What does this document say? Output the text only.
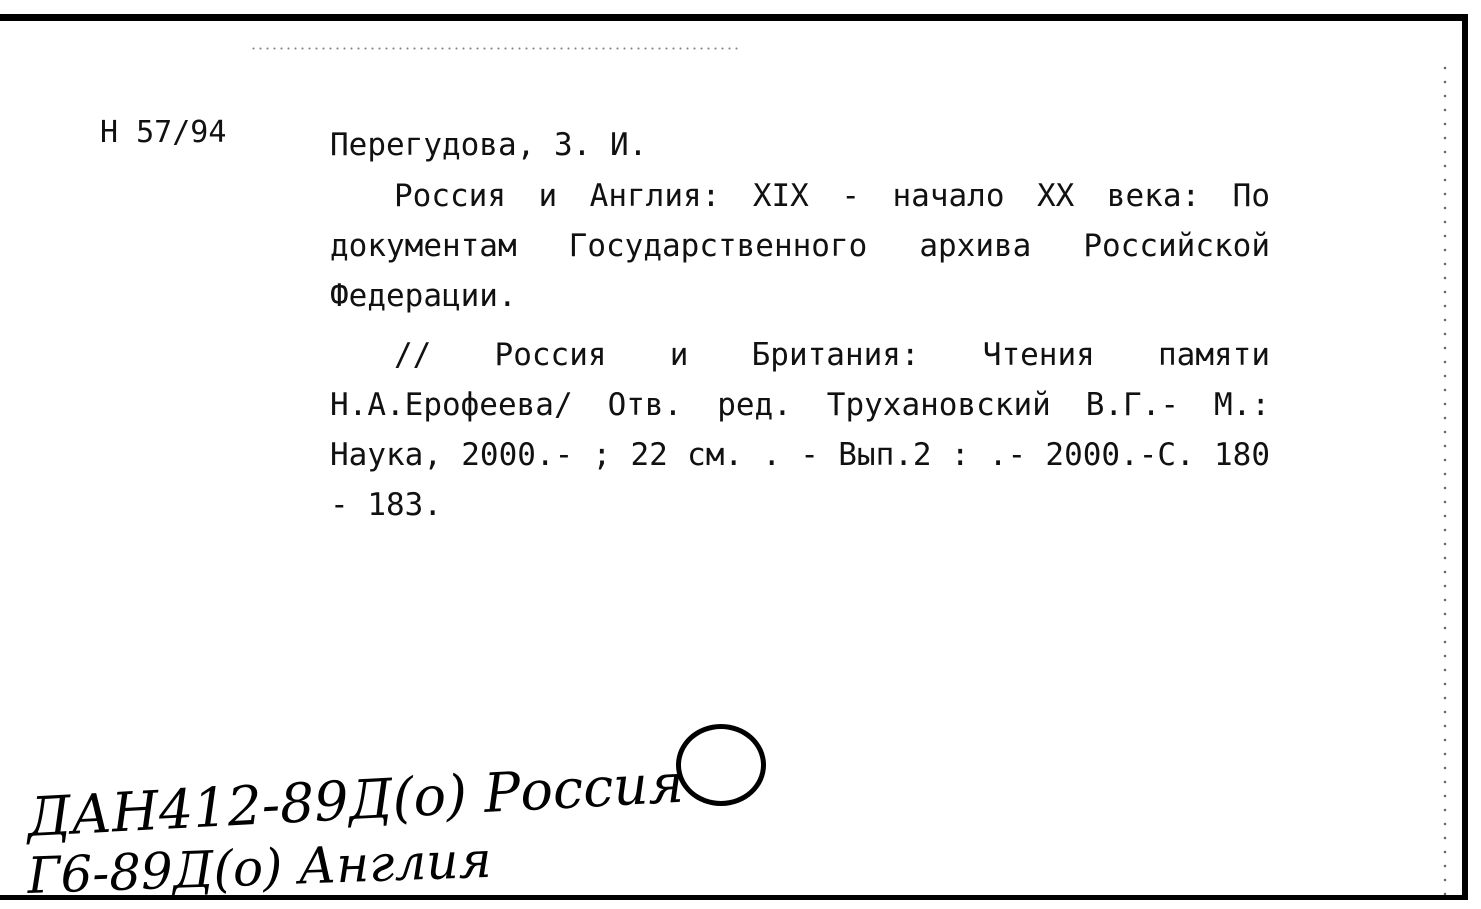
Н 57/94	Перегудова, З. И.
Россия и Англия: XIX - начало XX века: По документам Государственного архива Российской Федерации.
// Россия и Британия: Чтения памяти Н.А.Ерофеева/ Отв. ред. Трухановский В.Г.- М.: Наука, 2000.- ; 22 см. . - Вып.2 : .- 2000.-С. 180 - 183.
ДАН412-89Д(о) Россия
Г6-89Д(о) Англия
